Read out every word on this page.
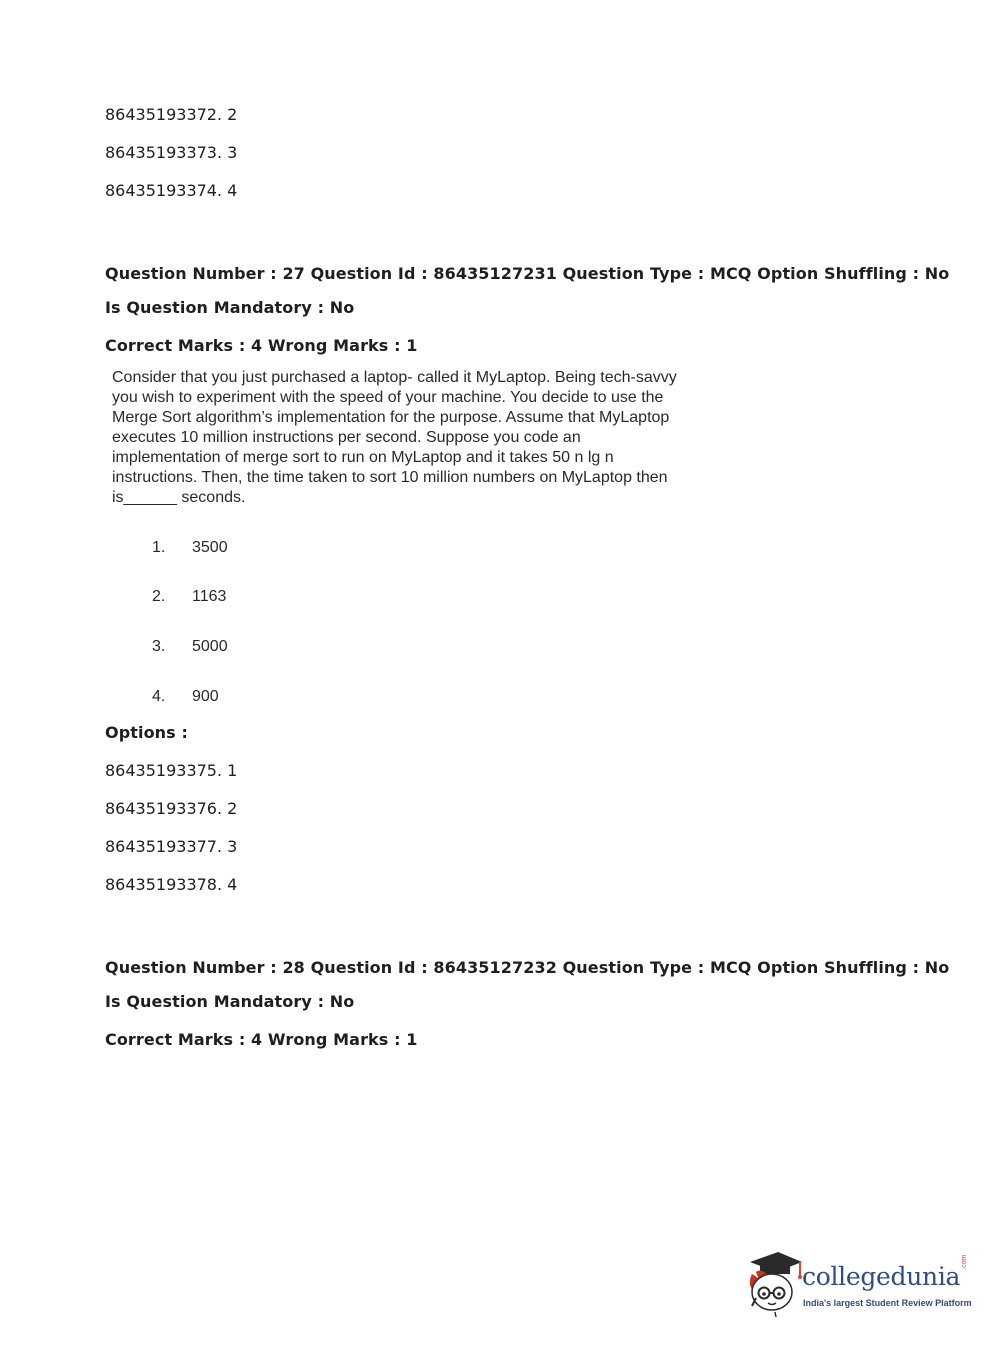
86435193372. 2
86435193373. 3
86435193374. 4
Question Number : 27 Question Id : 86435127231 Question Type : MCQ Option Shuffling : No
Is Question Mandatory : No
Correct Marks : 4 Wrong Marks : 1
Consider that you just purchased a laptop- called it MyLaptop. Being tech-savvy
you wish to experiment with the speed of your machine. You decide to use the
Merge Sort algorithm’s implementation for the purpose. Assume that MyLaptop
executes 10 million instructions per second. Suppose you code an
implementation of merge sort to run on MyLaptop and it takes 50 n lg n
instructions. Then, the time taken to sort 10 million numbers on MyLaptop then
is______ seconds.
1. 3500
2. 1163
3. 5000
4. 900
Options :
86435193375. 1
86435193376. 2
86435193377. 3
86435193378. 4
Question Number : 28 Question Id : 86435127232 Question Type : MCQ Option Shuffling : No
Is Question Mandatory : No
Correct Marks : 4 Wrong Marks : 1
collegedunia .com
India's largest Student Review Platform
